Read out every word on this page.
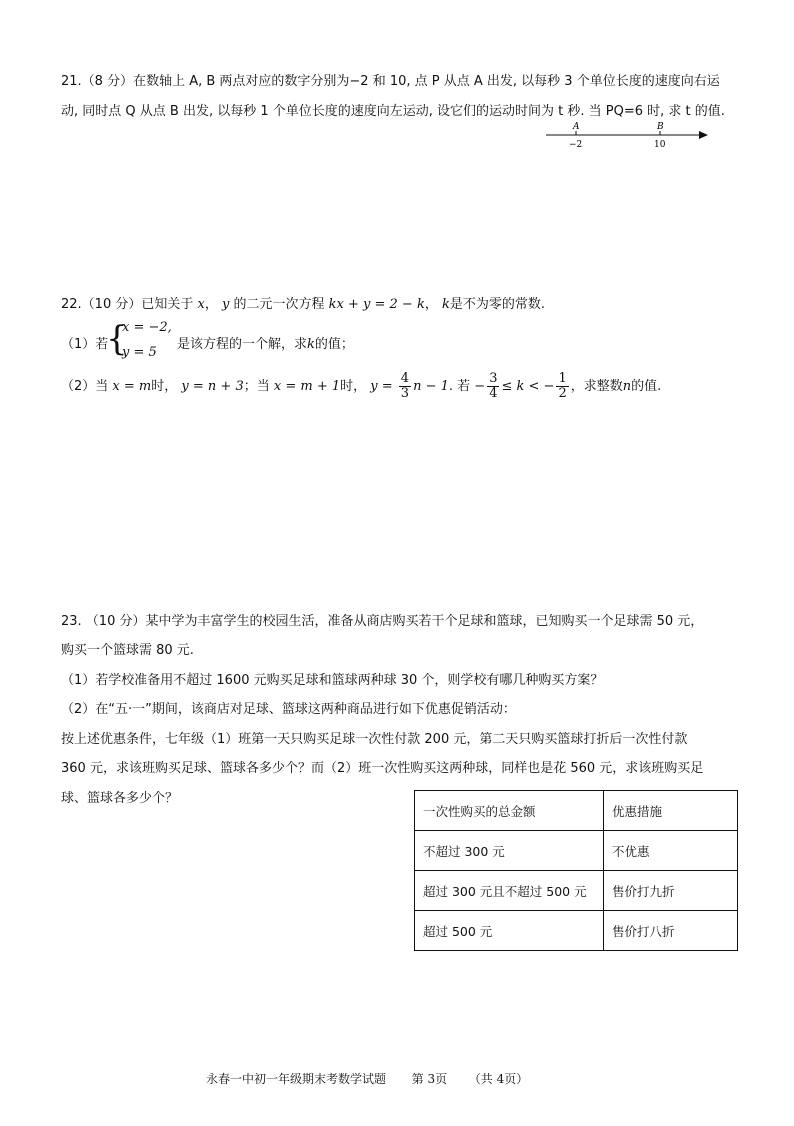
21.（8 分）在数轴上 A, B 两点对应的数字分别为−2 和 10, 点 P 从点 A 出发, 以每秒 3 个单位长度的速度向右运
动, 同时点 Q 从点 B 出发, 以每秒 1 个单位长度的速度向左运动, 设它们的运动时间为 t 秒. 当 PQ=6 时, 求 t 的值.
A	B
−2	10
22.（10 分）已知关于 x， y 的二元一次方程 kx + y = 2 − k， k是不为零的常数.
（1）若
{
x = −2,
y = 5
是该方程的一个解，求k的值；
（2）当 x = m时， y = n + 3；当 x = m + 1时， $y = \frac{4}{3}$ n − 1. 若 − $\frac{3}{4} \le k$ < − $\frac{1}{2}$ ，求整数n的值.
23. （10 分）某中学为丰富学生的校园生活，准备从商店购买若干个足球和篮球，已知购买一个足球需 50 元，
购买一个篮球需 80 元.
（1）若学校准备用不超过 1600 元购买足球和篮球两种球 30 个，则学校有哪几种购买方案？
（2）在“五·一”期间，该商店对足球、篮球这两种商品进行如下优惠促销活动：
按上述优惠条件，七年级（1）班第一天只购买足球一次性付款 200 元，第二天只购买篮球打折后一次性付款
360 元，求该班购买足球、篮球各多少个？而（2）班一次性购买这两种球，同样也是花 560 元，求该班购买足
球、篮球各多少个？
一次性购买的总金额	优惠措施
不超过 300 元	不优惠
超过 300 元且不超过 500 元	售价打九折
超过 500 元	售价打八折
永春一中初一年级期末考数学试题 第 3页 （共 4页）
